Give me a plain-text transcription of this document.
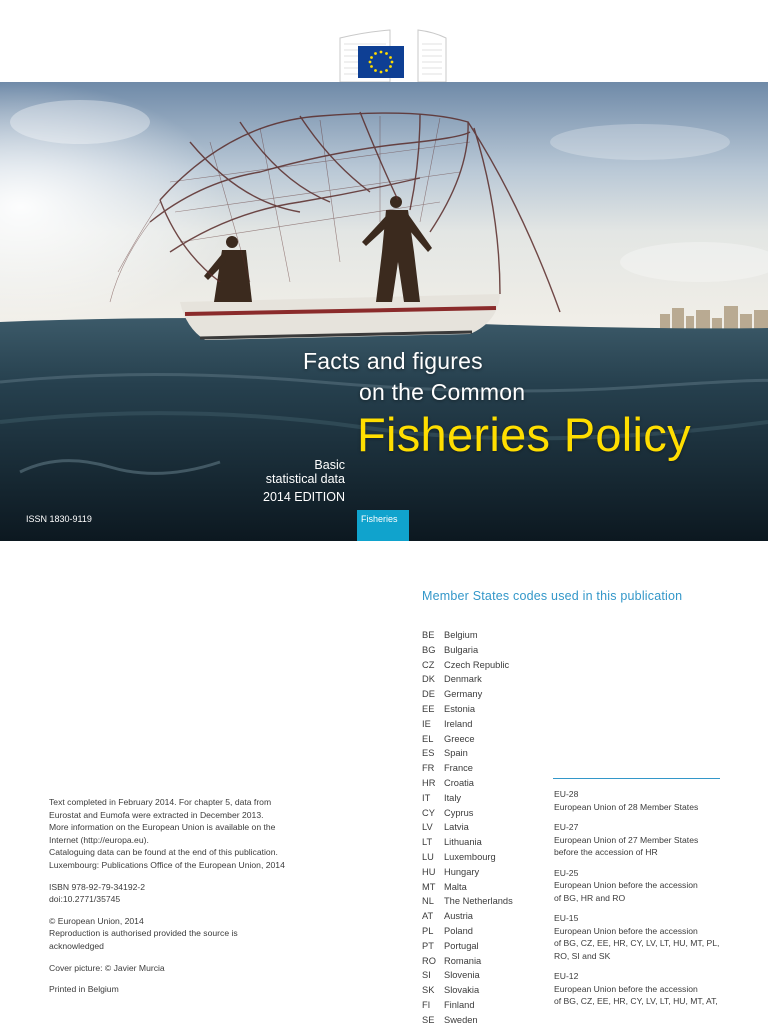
Facts and figures
on the Common
Fisheries Policy
Basic
statistical data
2014 EDITION
ISSN 1830-9119	Fisheries

Text completed in February 2014. For chapter 5, data from

Eurostat and Eumofa were extracted in December 2013.

More information on the European Union is available on the

Internet (http://europa.eu).

Cataloguing data can be found at the end of this publication.

Luxembourg: Publications Office of the European Union, 2014

ISBN 978-92-79-34192-2

doi:10.2771/35745

© European Union, 2014

Reproduction is authorised provided the source is

acknowledged

Cover picture: © Javier Murcia

Printed in Belgium

Member States codes used in this publication
BE	Belgium
BG Bulgaria
CZ	Czech Republic
DK Denmark
DE Germany
EE	Estonia
IE	Ireland
EL	Greece
ES	Spain
FR	France
HR Croatia
IT	Italy
CY Cyprus
LV	Latvia
LT	Lithuania
LU	Luxembourg
HU Hungary
MT Malta
NL	The Netherlands
AT	Austria
PL	Poland
PT	Portugal
RO Romania
SI	Slovenia
SK	Slovakia
FI	Finland
SE	Sweden
EU-28
European Union of 28 Member States
EU-27
European Union of 27 Member States
before the accession of HR
EU-25
European Union before the accession
of BG, HR and RO
EU-15
European Union before the accession
of BG, CZ, EE, HR, CY, LV, LT, HU, MT, PL,
RO, SI and SK
EU-12
European Union before the accession
of BG, CZ, EE, HR, CY, LV, LT, HU, MT, AT,
